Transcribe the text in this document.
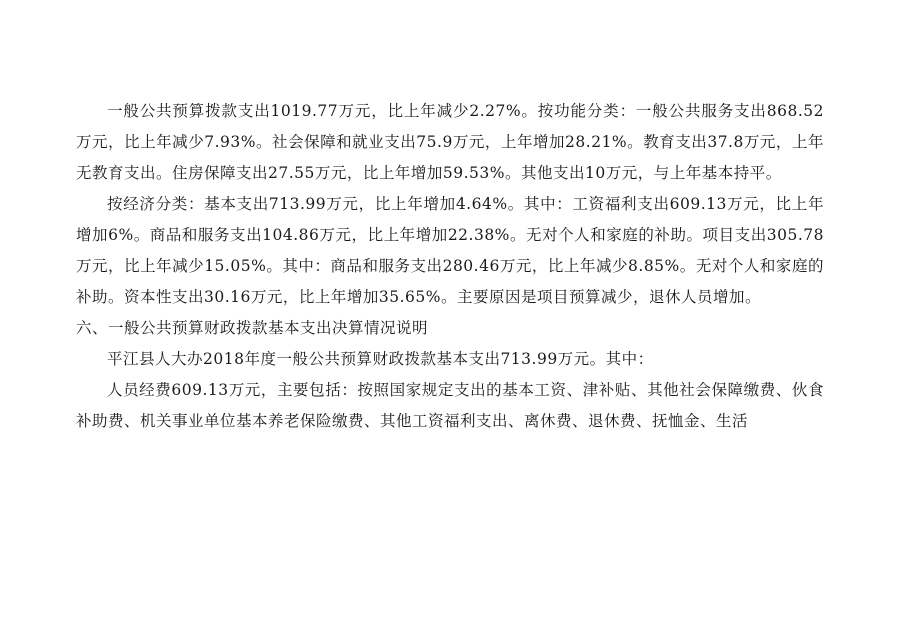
一般公共预算拨款支出1019.77万元，比上年减少2.27%。按功能分类：一般公共服务支出868.52万元，比上年减少7.93%。社会保障和就业支出75.9万元，上年增加28.21%。教育支出37.8万元，上年无教育支出。住房保障支出27.55万元，比上年增加59.53%。其他支出10万元，与上年基本持平。

按经济分类：基本支出713.99万元，比上年增加4.64%。其中：工资福利支出609.13万元，比上年增加6%。商品和服务支出104.86万元，比上年增加22.38%。无对个人和家庭的补助。项目支出305.78万元，比上年减少15.05%。其中：商品和服务支出280.46万元，比上年减少8.85%。无对个人和家庭的补助。资本性支出30.16万元，比上年增加35.65%。主要原因是项目预算减少，退休人员增加。

六、一般公共预算财政拨款基本支出决算情况说明

平江县人大办2018年度一般公共预算财政拨款基本支出713.99万元。其中：

人员经费609.13万元，主要包括：按照国家规定支出的基本工资、津补贴、其他社会保障缴费、伙食补助费、机关事业单位基本养老保险缴费、其他工资福利支出、离休费、退休费、抚恤金、生活
